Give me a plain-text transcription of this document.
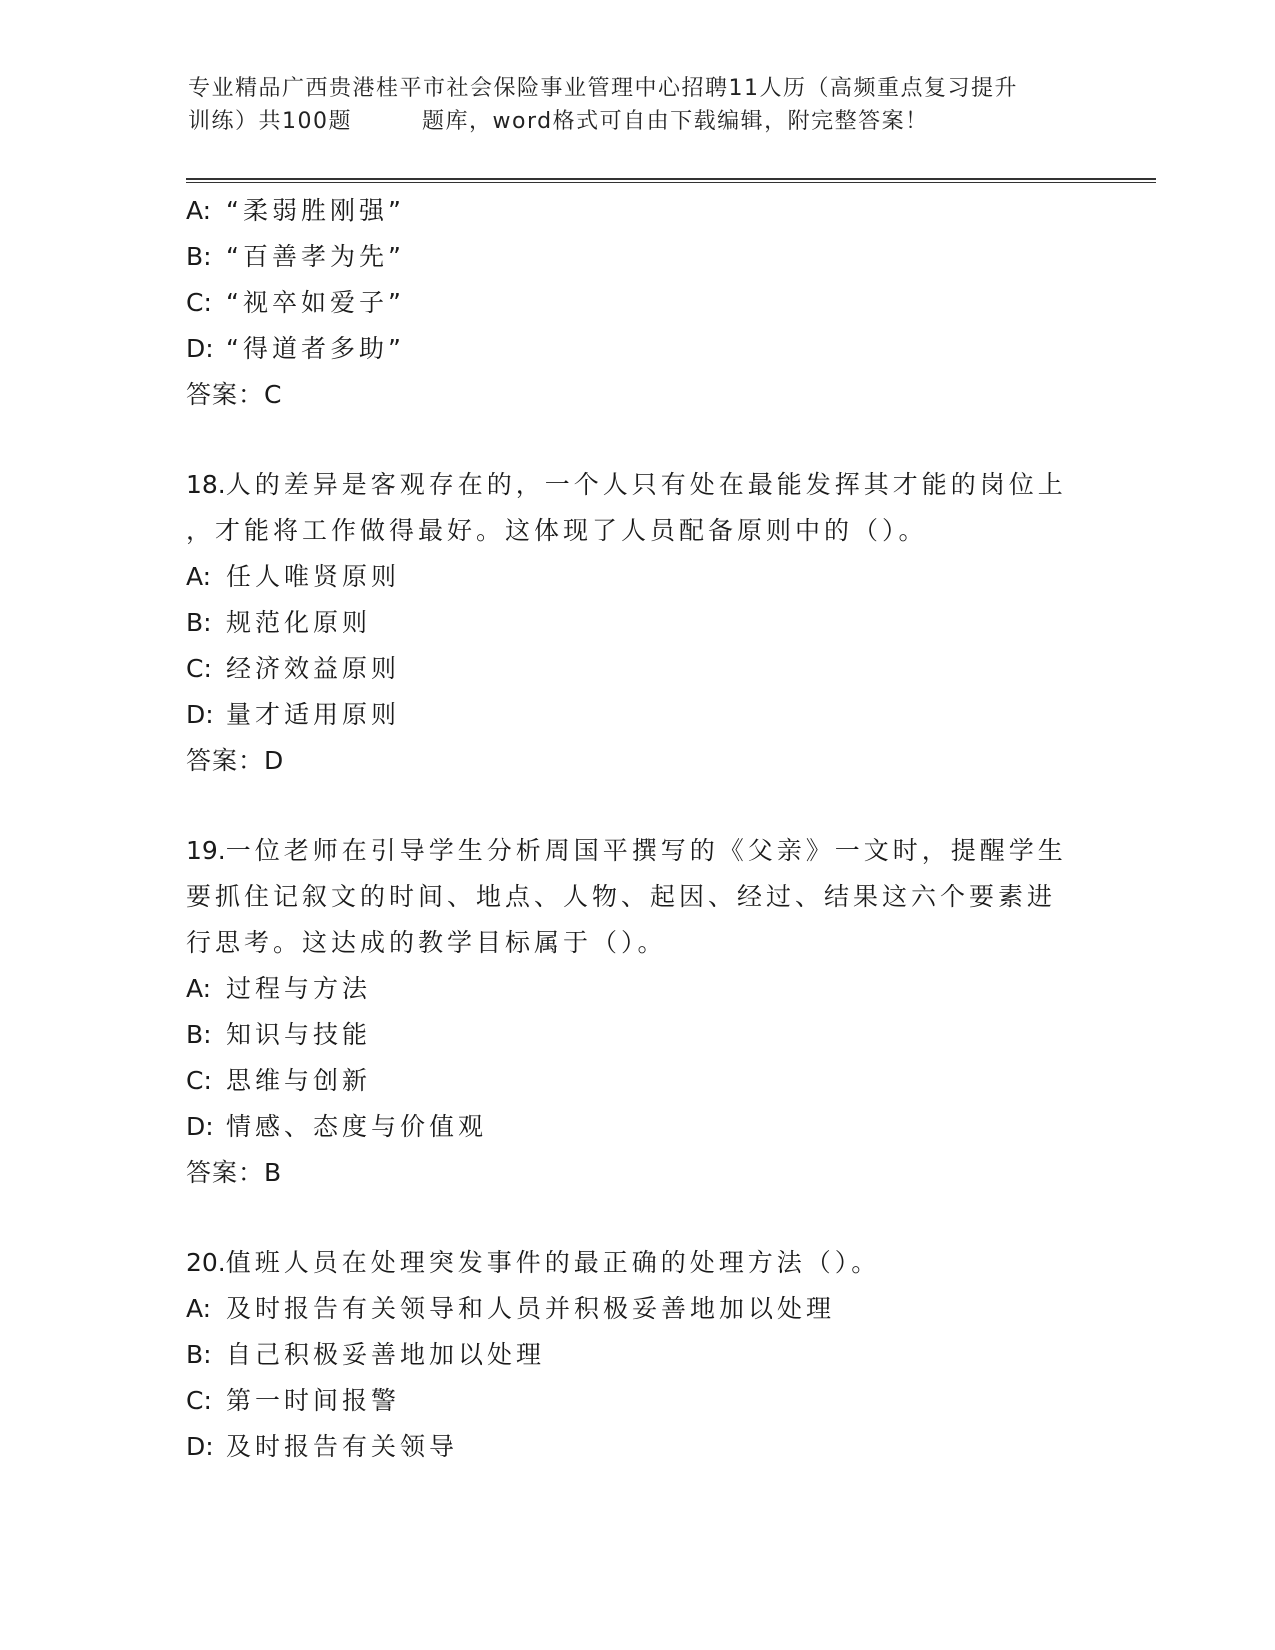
专业精品广西贵港桂平市社会保险事业管理中心招聘11人历（高频重点复习提升
训练）共100题	题库，word格式可自由下载编辑，附完整答案！
A: “柔弱胜刚强”
B: “百善孝为先”
C: “视卒如爱子”
D: “得道者多助”
答案：C
18.人的差异是客观存在的，一个人只有处在最能发挥其才能的岗位上
，才能将工作做得最好。这体现了人员配备原则中的（）。
A: 任人唯贤原则
B: 规范化原则
C: 经济效益原则
D: 量才适用原则
答案：D
19.一位老师在引导学生分析周国平撰写的《父亲》一文时，提醒学生
要抓住记叙文的时间、地点、人物、起因、经过、结果这六个要素进
行思考。这达成的教学目标属于（）。
A: 过程与方法
B: 知识与技能
C: 思维与创新
D: 情感、态度与价值观
答案：B
20.值班人员在处理突发事件的最正确的处理方法（）。
A: 及时报告有关领导和人员并积极妥善地加以处理
B: 自己积极妥善地加以处理
C: 第一时间报警
D: 及时报告有关领导
